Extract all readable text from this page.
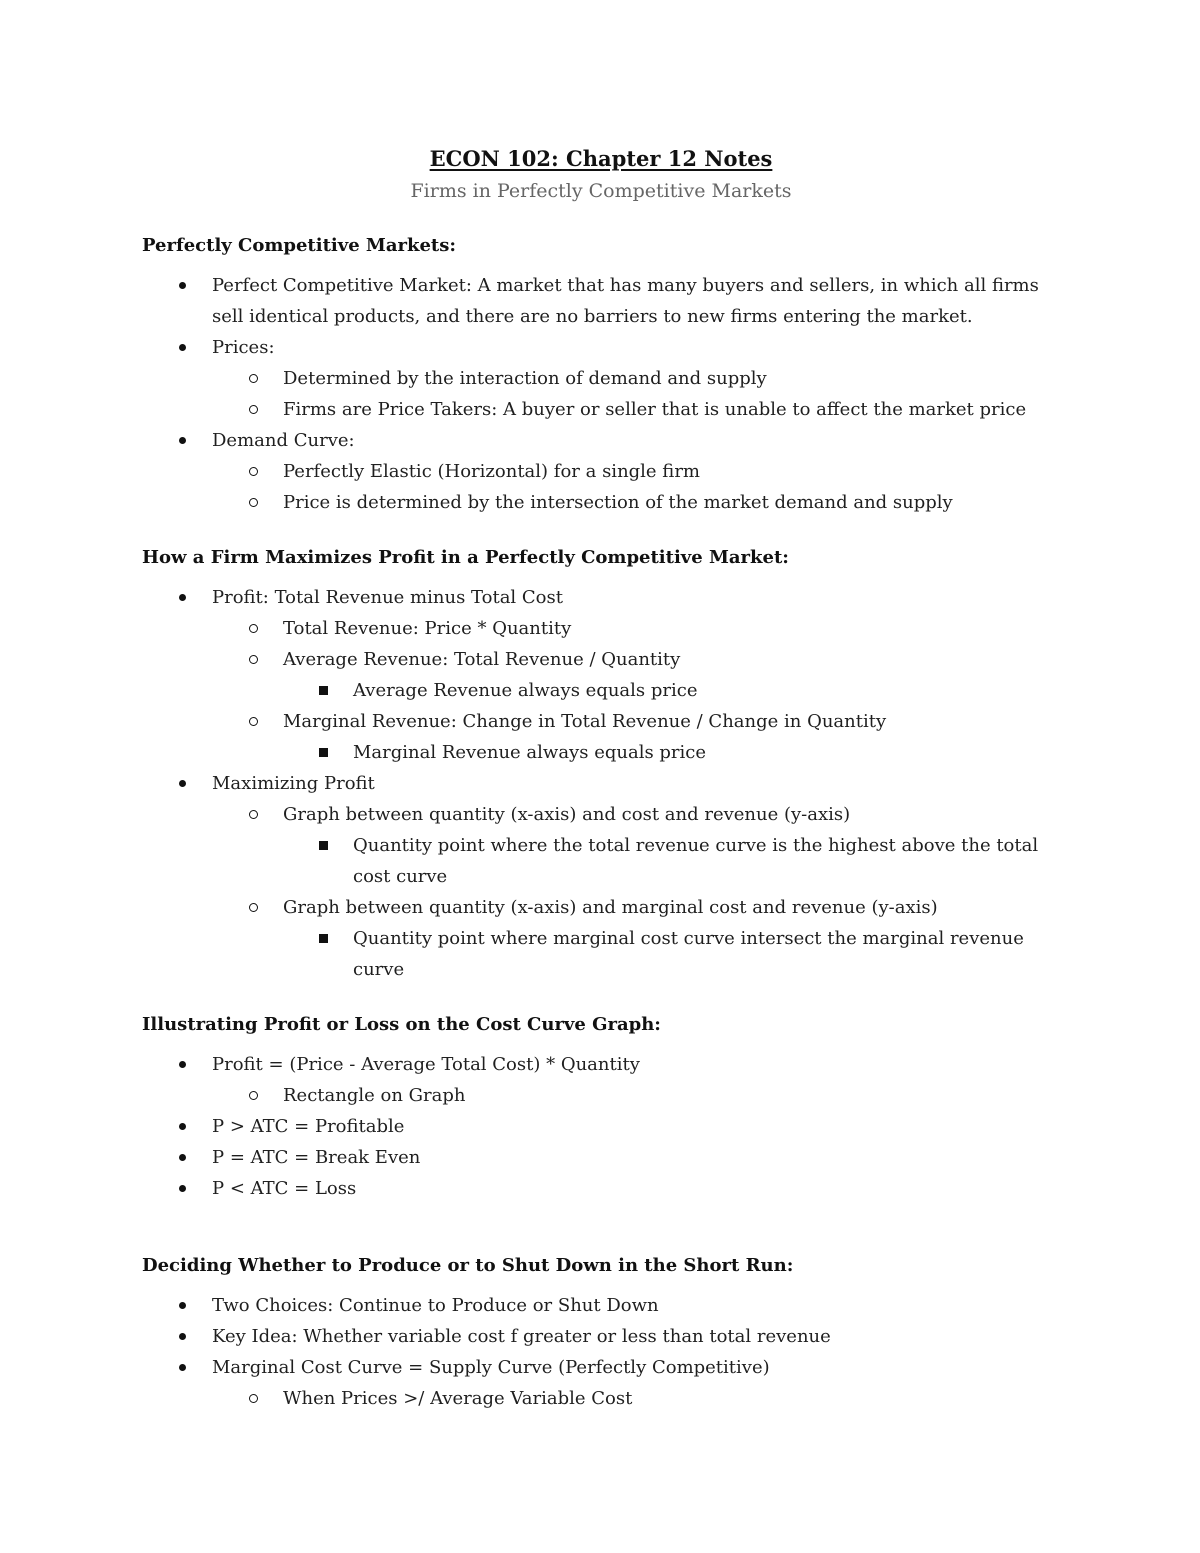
ECON 102: Chapter 12 Notes
Firms in Perfectly Competitive Markets
Perfectly Competitive Markets:
Perfect Competitive Market: A market that has many buyers and sellers, in which all firms sell identical products, and there are no barriers to new firms entering the market.
Prices:
Determined by the interaction of demand and supply
Firms are Price Takers: A buyer or seller that is unable to affect the market price
Demand Curve:
Perfectly Elastic (Horizontal) for a single firm
Price is determined by the intersection of the market demand and supply
How a Firm Maximizes Profit in a Perfectly Competitive Market:
Profit: Total Revenue minus Total Cost
Total Revenue: Price * Quantity
Average Revenue: Total Revenue / Quantity
Average Revenue always equals price
Marginal Revenue: Change in Total Revenue / Change in Quantity
Marginal Revenue always equals price
Maximizing Profit
Graph between quantity (x-axis) and cost and revenue (y-axis)
Quantity point where the total revenue curve is the highest above the total cost curve
Graph between quantity (x-axis) and marginal cost and revenue (y-axis)
Quantity point where marginal cost curve intersect the marginal revenue curve
Illustrating Profit or Loss on the Cost Curve Graph:
Profit = (Price - Average Total Cost) * Quantity
Rectangle on Graph
P > ATC = Profitable
P = ATC = Break Even
P < ATC = Loss
Deciding Whether to Produce or to Shut Down in the Short Run:
Two Choices: Continue to Produce or Shut Down
Key Idea: Whether variable cost f greater or less than total revenue
Marginal Cost Curve = Supply Curve (Perfectly Competitive)
When Prices >/ Average Variable Cost
